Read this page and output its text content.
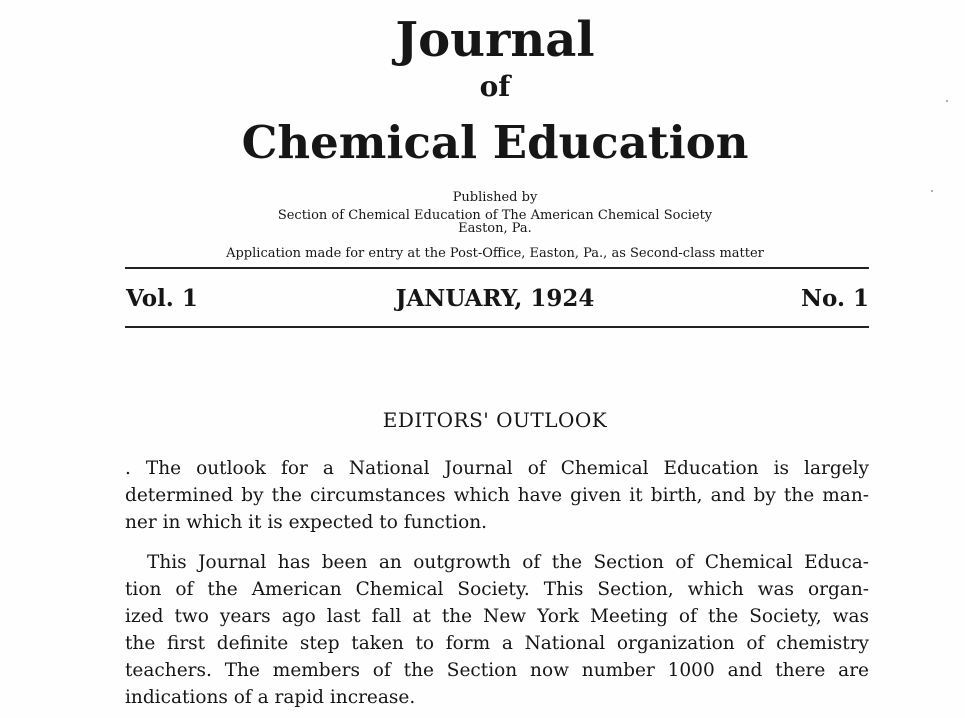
Journal
of
Chemical Education
Published by
Section of Chemical Education of The American Chemical Society
Easton, Pa.
Application made for entry at the Post-Office, Easton, Pa., as Second-class matter
Vol. 1	JANUARY, 1924	No. 1
EDITORS' OUTLOOK
. The outlook for a National Journal of Chemical Education is largely
determined by the circumstances which have given it birth, and by the man-
ner in which it is expected to function.
This Journal has been an outgrowth of the Section of Chemical Educa-
tion of the American Chemical Society. This Section, which was organ-
ized two years ago last fall at the New York Meeting of the Society, was
the first definite step taken to form a National organization of chemistry
teachers. The members of the Section now number 1000 and there are
indications of a rapid increase.
